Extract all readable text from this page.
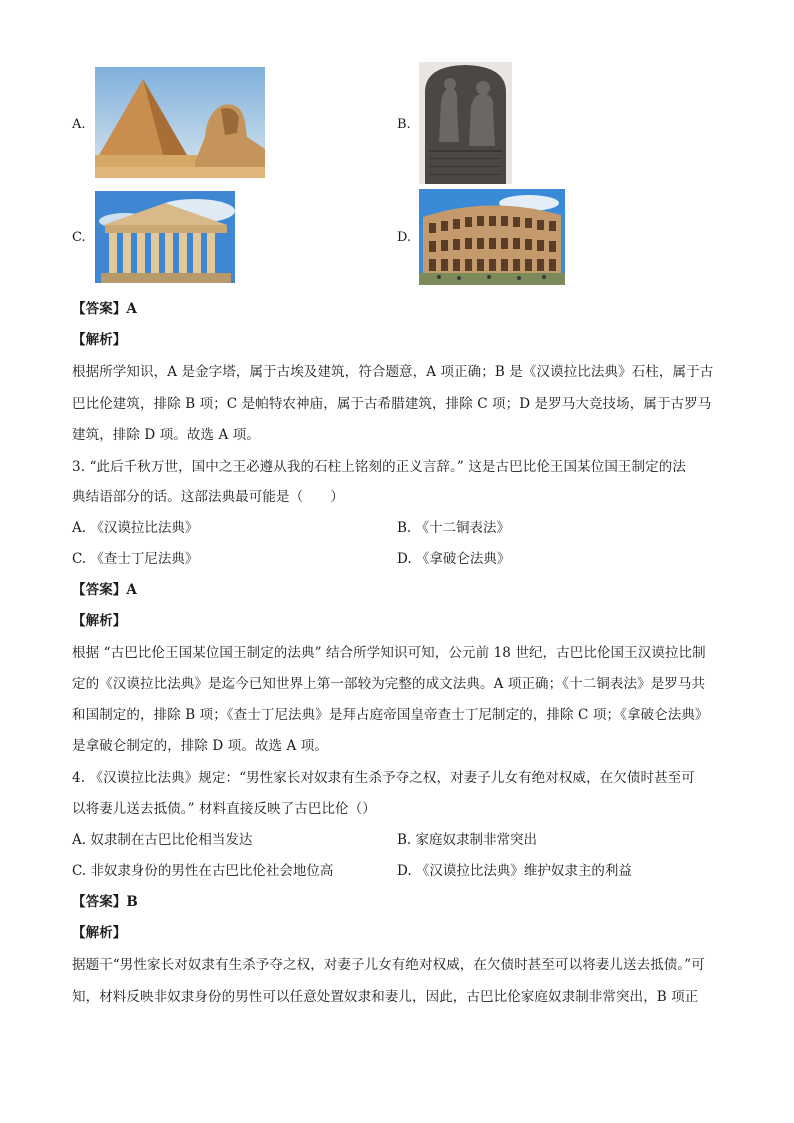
A.	B.
C.	D.
【答案】A
【解析】
根据所学知识，A 是金字塔，属于古埃及建筑，符合题意，A 项正确；B 是《汉谟拉比法典》石柱，属于古
巴比伦建筑，排除 B 项；C 是帕特农神庙，属于古希腊建筑，排除 C 项；D 是罗马大竞技场，属于古罗马
建筑，排除 D 项。故选 A 项。
3. “此后千秋万世，国中之王必遵从我的石柱上铭刻的正义言辞。” 这是古巴比伦王国某位国王制定的法
典结语部分的话。这部法典最可能是（　　）
A. 《汉谟拉比法典》	B. 《十二铜表法》
C. 《查士丁尼法典》	D. 《拿破仑法典》
【答案】A
【解析】
根据 “古巴比伦王国某位国王制定的法典” 结合所学知识可知，公元前 18 世纪，古巴比伦国王汉谟拉比制
定的《汉谟拉比法典》是迄今已知世界上第一部较为完整的成文法典。A 项正确；《十二铜表法》是罗马共
和国制定的，排除 B 项；《查士丁尼法典》是拜占庭帝国皇帝查士丁尼制定的，排除 C 项；《拿破仑法典》
是拿破仑制定的，排除 D 项。故选 A 项。
4. 《汉谟拉比法典》规定：“男性家长对奴隶有生杀予夺之权，对妻子儿女有绝对权威，在欠债时甚至可
以将妻儿送去抵债。” 材料直接反映了古巴比伦（）
A. 奴隶制在古巴比伦相当发达	B. 家庭奴隶制非常突出
C. 非奴隶身份的男性在古巴比伦社会地位高	D. 《汉谟拉比法典》维护奴隶主的利益
【答案】B
【解析】
据题干“男性家长对奴隶有生杀予夺之权，对妻子儿女有绝对权威，在欠债时甚至可以将妻儿送去抵债。”可
知，材料反映非奴隶身份的男性可以任意处置奴隶和妻儿，因此，古巴比伦家庭奴隶制非常突出，B 项正
